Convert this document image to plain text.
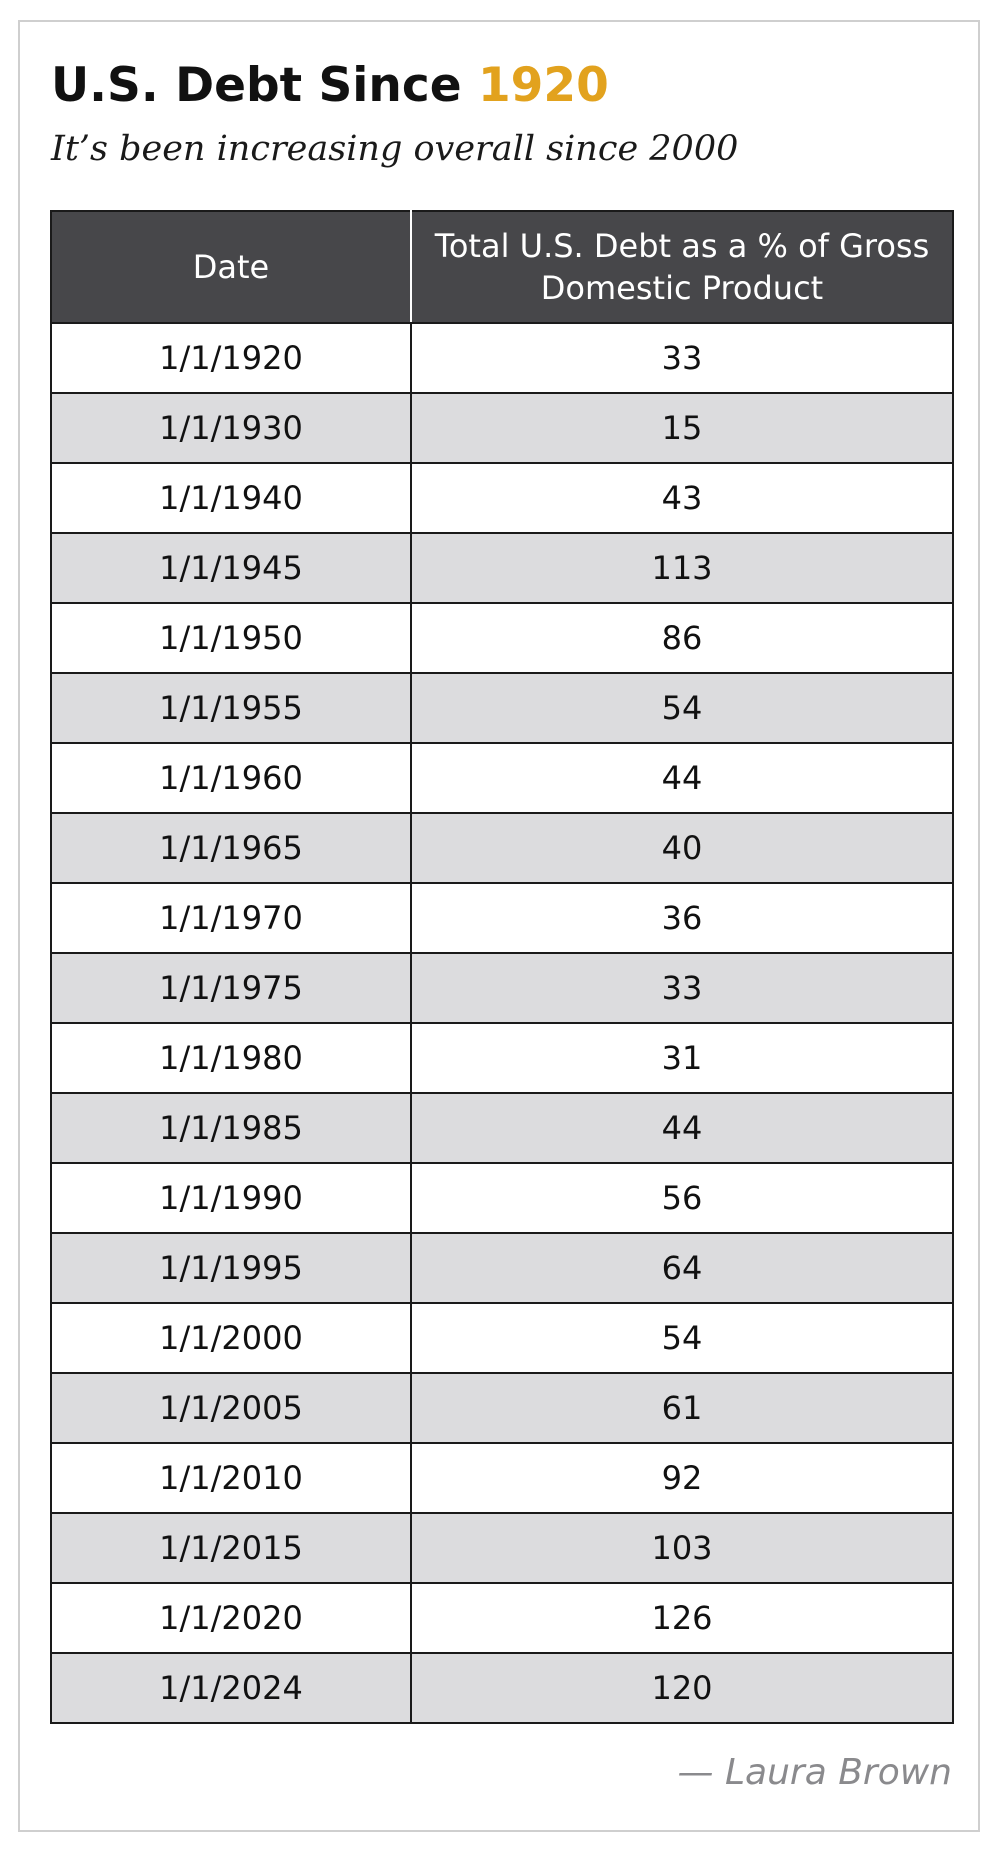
U.S. Debt Since 1920

It’s been increasing overall since 2000

Date	Total U.S. Debt as a % of Gross Domestic Product
1/1/1920	33
1/1/1930	15
1/1/1940	43
1/1/1945	113
1/1/1950	86
1/1/1955	54
1/1/1960	44
1/1/1965	40
1/1/1970	36
1/1/1975	33
1/1/1980	31
1/1/1985	44
1/1/1990	56
1/1/1995	64
1/1/2000	54
1/1/2005	61
1/1/2010	92
1/1/2015	103
1/1/2020	126
1/1/2024	120

— Laura Brown
